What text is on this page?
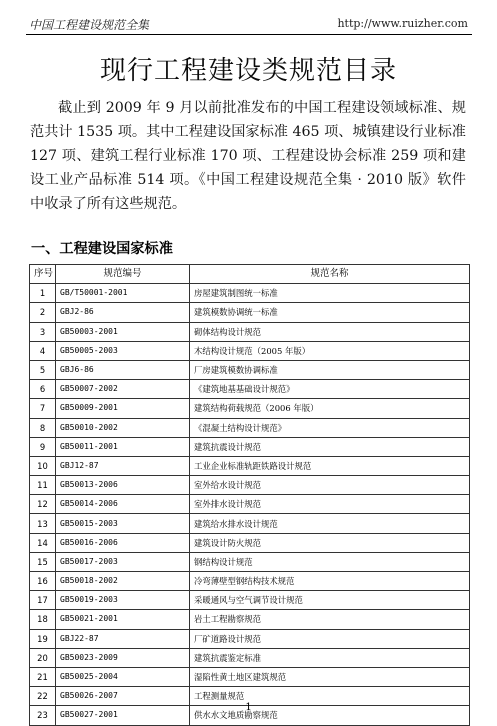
中国工程建设规范全集	http://www.ruizher.com
现行工程建设类规范目录
截止到 2009 年 9 月以前批准发布的中国工程建设领域标准、规范共计 1535 项。其中工程建设国家标准 465 项、城镇建设行业标准 127 项、建筑工程行业标准 170 项、工程建设协会标准 259 项和建设工业产品标准 514 项。《中国工程建设规范全集 · 2010 版》软件中收录了所有这些规范。
一、工程建设国家标准
序号	规范编号	规范名称
1	GB/T50001-2001	房屋建筑制图统一标准
2	GBJ2-86	建筑模数协调统一标准
3	GB50003-2001	砌体结构设计规范
4	GB50005-2003	木结构设计规范（2005 年版）
5	GBJ6-86	厂房建筑模数协调标准
6	GB50007-2002	《建筑地基基础设计规范》
7	GB50009-2001	建筑结构荷载规范（2006 年版）
8	GB50010-2002	《混凝土结构设计规范》
9	GB50011-2001	建筑抗震设计规范
10	GBJ12-87	工业企业标准轨距铁路设计规范
11	GB50013-2006	室外给水设计规范
12	GB50014-2006	室外排水设计规范
13	GB50015-2003	建筑给水排水设计规范
14	GB50016-2006	建筑设计防火规范
15	GB50017-2003	钢结构设计规范
16	GB50018-2002	冷弯薄壁型钢结构技术规范
17	GB50019-2003	采暖通风与空气调节设计规范
18	GB50021-2001	岩土工程勘察规范
19	GBJ22-87	厂矿道路设计规范
20	GB50023-2009	建筑抗震鉴定标准
21	GB50025-2004	湿陷性黄土地区建筑规范
22	GB50026-2007	工程测量规范
23	GB50027-2001	供水水文地质勘察规范
1
